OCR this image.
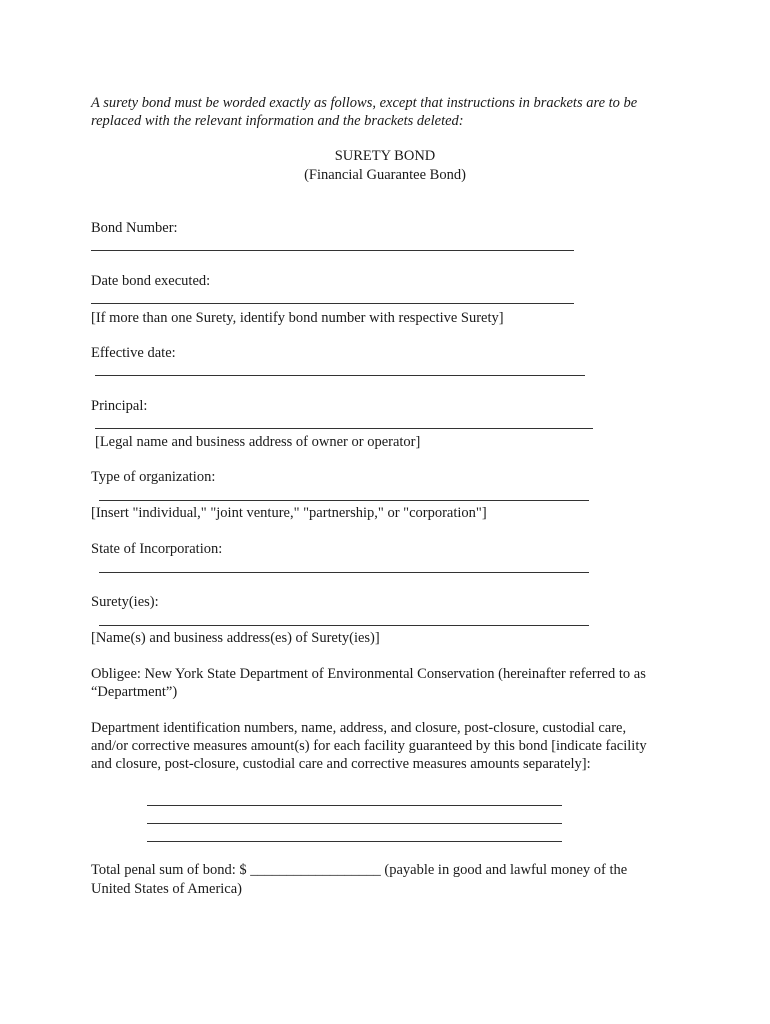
A surety bond must be worded exactly as follows, except that instructions in brackets are to be
replaced with the relevant information and the brackets deleted:
SURETY BOND
(Financial Guarantee Bond)
Bond Number:
Date bond executed:
[If more than one Surety, identify bond number with respective Surety]
Effective date:
Principal:
[Legal name and business address of owner or operator]
Type of organization:
[Insert "individual," "joint venture," "partnership," or "corporation"]
State of Incorporation:
Surety(ies):
[Name(s) and business address(es) of Surety(ies)]
Obligee: New York State Department of Environmental Conservation (hereinafter referred to as
“Department”)
Department identification numbers, name, address, and closure, post-closure, custodial care,
and/or corrective measures amount(s) for each facility guaranteed by this bond [indicate facility
and closure, post-closure, custodial care and corrective measures amounts separately]:
Total penal sum of bond: $ __________________ (payable in good and lawful money of the
United States of America)
